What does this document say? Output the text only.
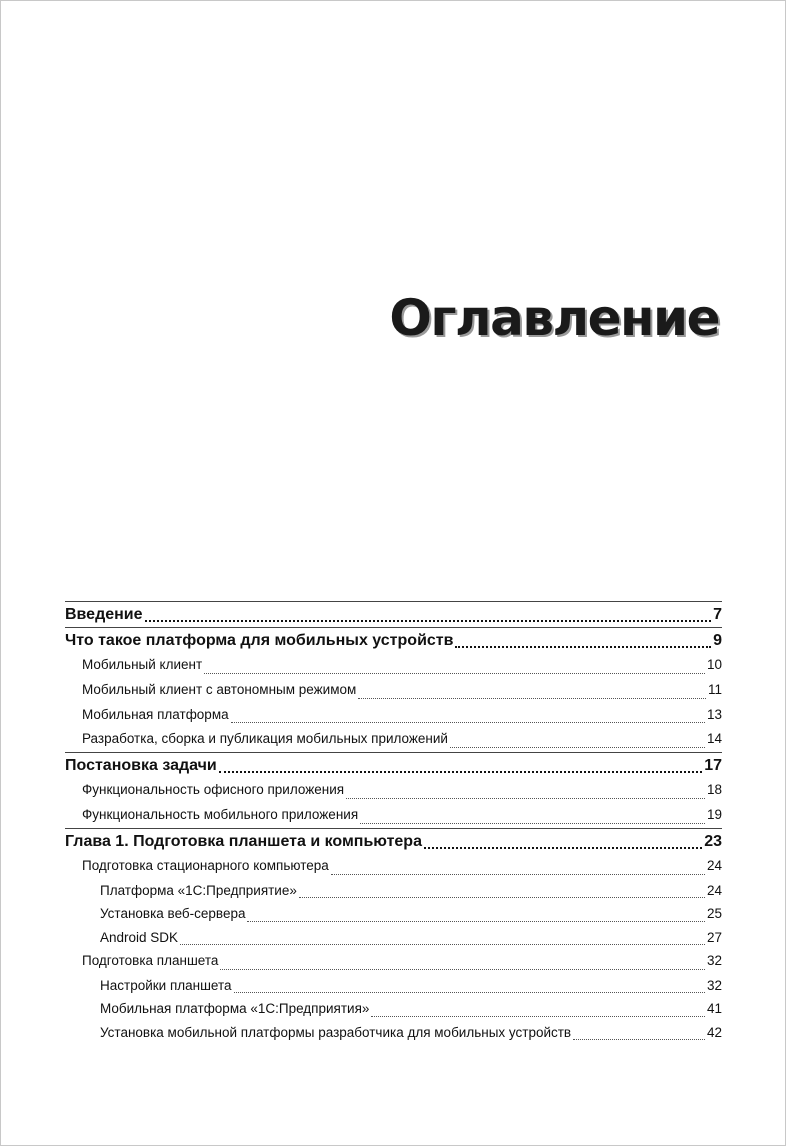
Оглавление
Введение	7
Что такое платформа для мобильных устройств	9
Мобильный клиент	10
Мобильный клиент с автономным режимом	11
Мобильная платформа	13
Разработка, сборка и публикация мобильных приложений	14
Постановка задачи	17
Функциональность офисного приложения	18
Функциональность мобильного приложения	19
Глава 1. Подготовка планшета и компьютера	23
Подготовка стационарного компьютера	24
Платформа «1С:Предприятие»	24
Установка веб-сервера	25
Android SDK	27
Подготовка планшета	32
Настройки планшета	32
Мобильная платформа «1С:Предприятия»	41
Установка мобильной платформы разработчика для мобильных устройств	42
